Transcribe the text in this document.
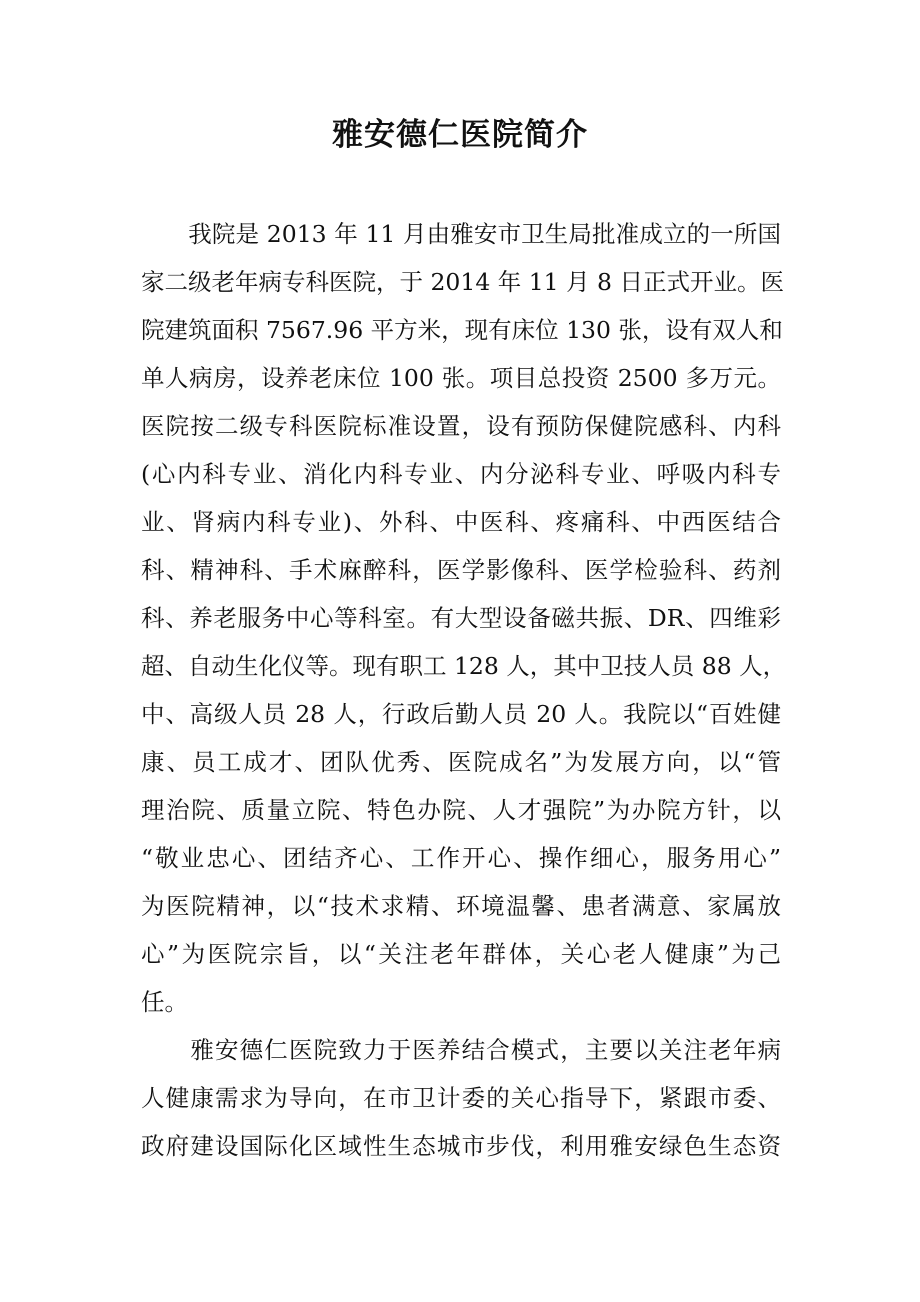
雅安德仁医院简介
　　我院是 2013 年 11 月由雅安市卫生局批准成立的一所国
家二级老年病专科医院，于 2014 年 11 月 8 日正式开业。医
院建筑面积 7567.96 平方米，现有床位 130 张，设有双人和
单人病房，设养老床位 100 张。项目总投资 2500 多万元。
医院按二级专科医院标准设置，设有预防保健院感科、内科
(心内科专业、消化内科专业、内分泌科专业、呼吸内科专
业、肾病内科专业)、外科、中医科、疼痛科、中西医结合
科、精神科、手术麻醉科，医学影像科、医学检验科、药剂
科、养老服务中心等科室。有大型设备磁共振、DR、四维彩
超、自动生化仪等。现有职工 128 人，其中卫技人员 88 人，
中、高级人员 28 人，行政后勤人员 20 人。我院以“百姓健
康、员工成才、团队优秀、医院成名”为发展方向，以“管
理治院、质量立院、特色办院、人才强院”为办院方针，以
“敬业忠心、团结齐心、工作开心、操作细心，服务用心”
为医院精神，以“技术求精、环境温馨、患者满意、家属放
心”为医院宗旨，以“关注老年群体，关心老人健康”为己
任。
　　雅安德仁医院致力于医养结合模式，主要以关注老年病
人健康需求为导向，在市卫计委的关心指导下，紧跟市委、
政府建设国际化区域性生态城市步伐，利用雅安绿色生态资
